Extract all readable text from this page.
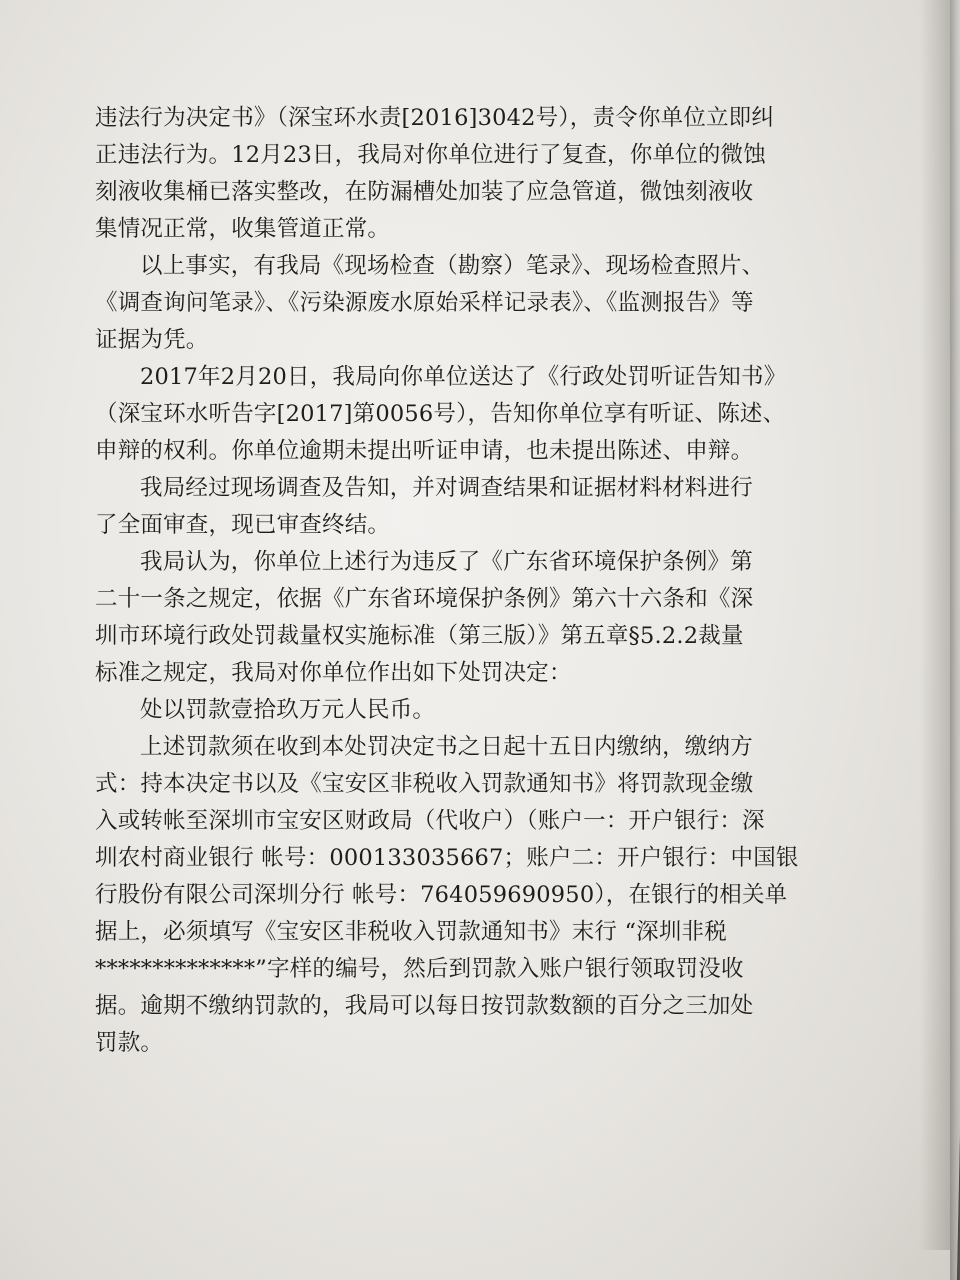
违法行为决定书》（深宝环水责[2016]3042号），责令你单位立即纠
正违法行为。12月23日，我局对你单位进行了复查，你单位的微蚀
刻液收集桶已落实整改，在防漏槽处加装了应急管道，微蚀刻液收
集情况正常，收集管道正常。
以上事实，有我局《现场检查（勘察）笔录》、现场检查照片、
《调查询问笔录》、《污染源废水原始采样记录表》、《监测报告》等
证据为凭。
2017年2月20日，我局向你单位送达了《行政处罚听证告知书》
（深宝环水听告字[2017]第0056号），告知你单位享有听证、陈述、
申辩的权利。你单位逾期未提出听证申请，也未提出陈述、申辩。
我局经过现场调查及告知，并对调查结果和证据材料材料进行
了全面审查，现已审查终结。
我局认为，你单位上述行为违反了《广东省环境保护条例》第
二十一条之规定，依据《广东省环境保护条例》第六十六条和《深
圳市环境行政处罚裁量权实施标准（第三版）》第五章§5.2.2裁量
标准之规定，我局对你单位作出如下处罚决定：
处以罚款壹拾玖万元人民币。
上述罚款须在收到本处罚决定书之日起十五日内缴纳，缴纳方
式：持本决定书以及《宝安区非税收入罚款通知书》将罚款现金缴
入或转帐至深圳市宝安区财政局（代收户）（账户一：开户银行：深
圳农村商业银行 帐号：000133035667；账户二：开户银行：中国银
行股份有限公司深圳分行 帐号：764059690950），在银行的相关单
据上，必须填写《宝安区非税收入罚款通知书》末行 “深圳非税
**************”字样的编号，然后到罚款入账户银行领取罚没收
据。逾期不缴纳罚款的，我局可以每日按罚款数额的百分之三加处
罚款。
